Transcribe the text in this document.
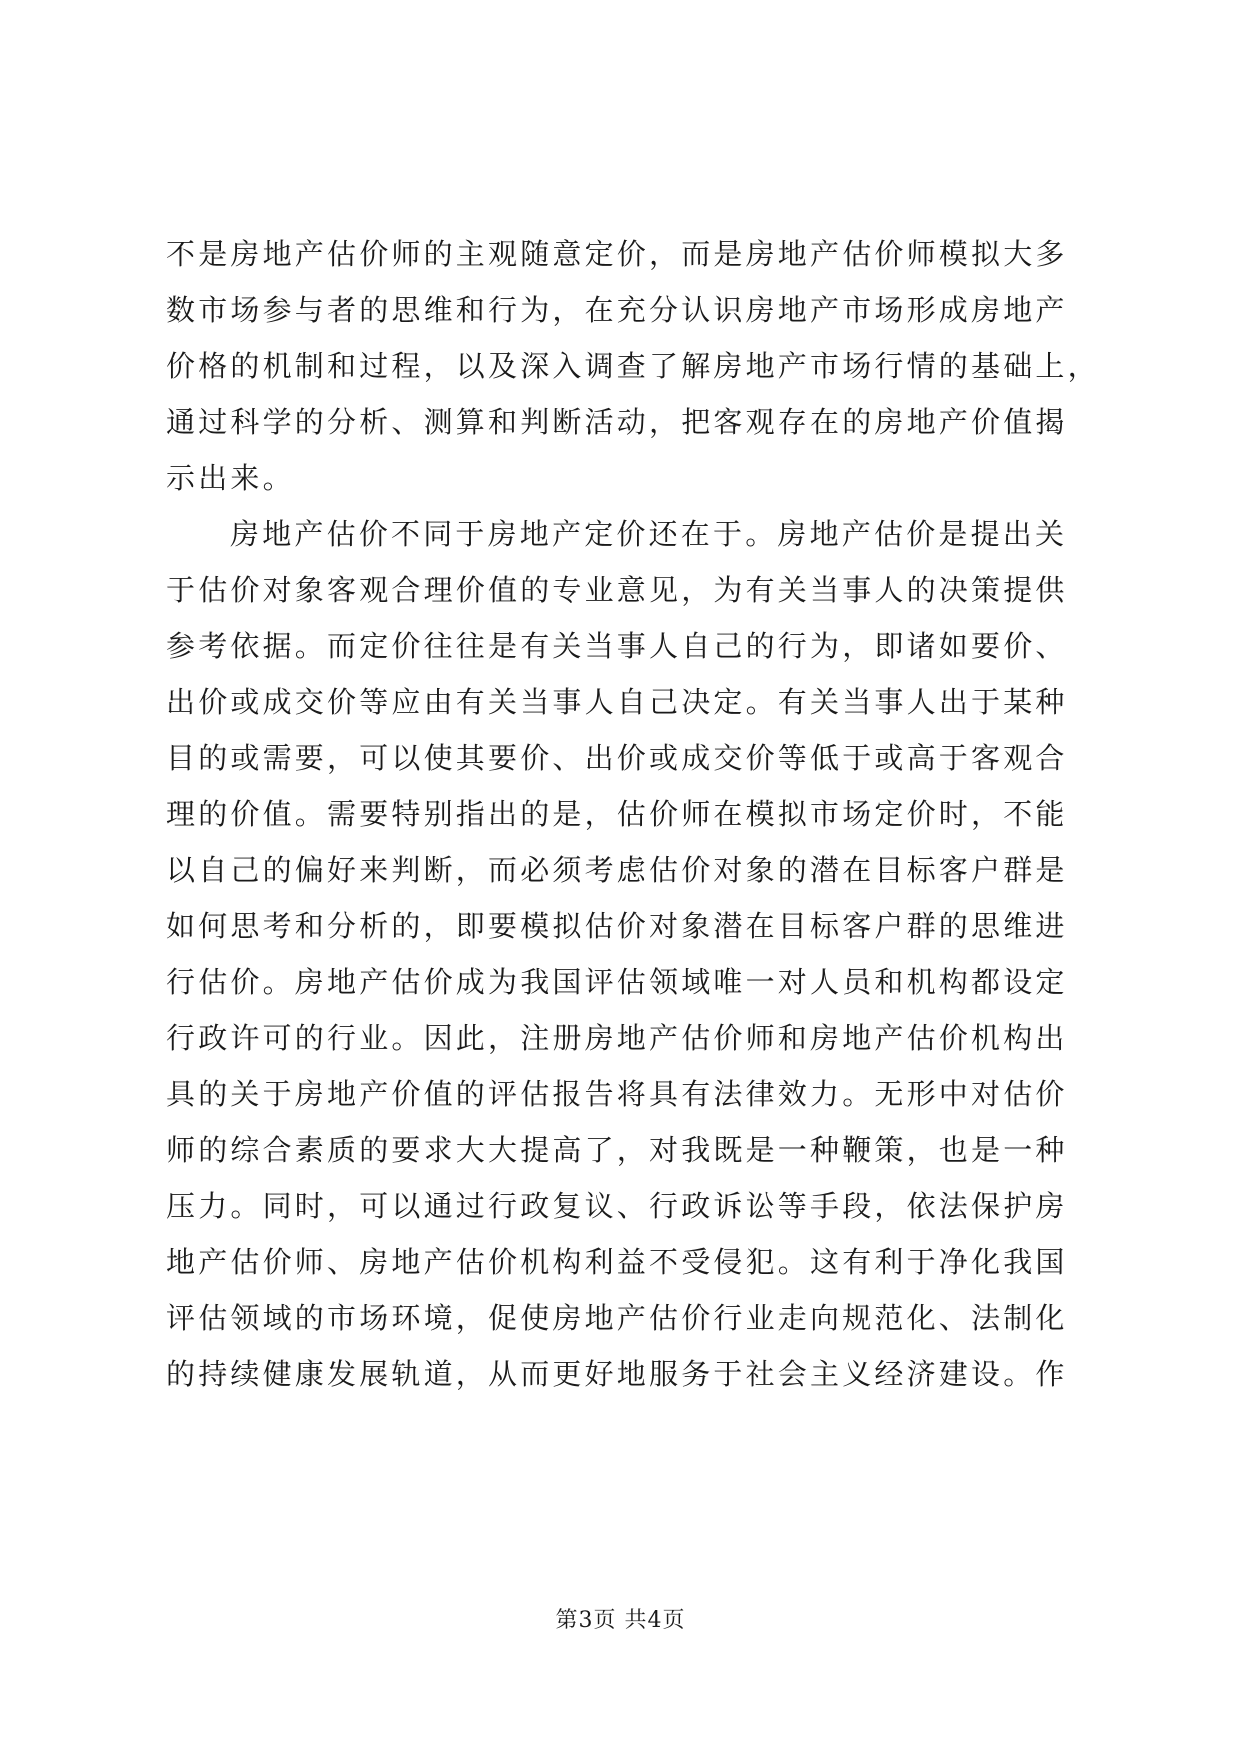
不是房地产估价师的主观随意定价，而是房地产估价师模拟大多
数市场参与者的思维和行为，在充分认识房地产市场形成房地产
价格的机制和过程，以及深入调查了解房地产市场行情的基础上，
通过科学的分析、测算和判断活动，把客观存在的房地产价值揭
示出来。
房地产估价不同于房地产定价还在于。房地产估价是提出关
于估价对象客观合理价值的专业意见，为有关当事人的决策提供
参考依据。而定价往往是有关当事人自己的行为，即诸如要价、
出价或成交价等应由有关当事人自己决定。有关当事人出于某种
目的或需要，可以使其要价、出价或成交价等低于或高于客观合
理的价值。需要特别指出的是，估价师在模拟市场定价时，不能
以自己的偏好来判断，而必须考虑估价对象的潜在目标客户群是
如何思考和分析的，即要模拟估价对象潜在目标客户群的思维进
行估价。房地产估价成为我国评估领域唯一对人员和机构都设定
行政许可的行业。因此，注册房地产估价师和房地产估价机构出
具的关于房地产价值的评估报告将具有法律效力。无形中对估价
师的综合素质的要求大大提高了，对我既是一种鞭策，也是一种
压力。同时，可以通过行政复议、行政诉讼等手段，依法保护房
地产估价师、房地产估价机构利益不受侵犯。这有利于净化我国
评估领域的市场环境，促使房地产估价行业走向规范化、法制化
的持续健康发展轨道，从而更好地服务于社会主义经济建设。作
第3页 共4页
